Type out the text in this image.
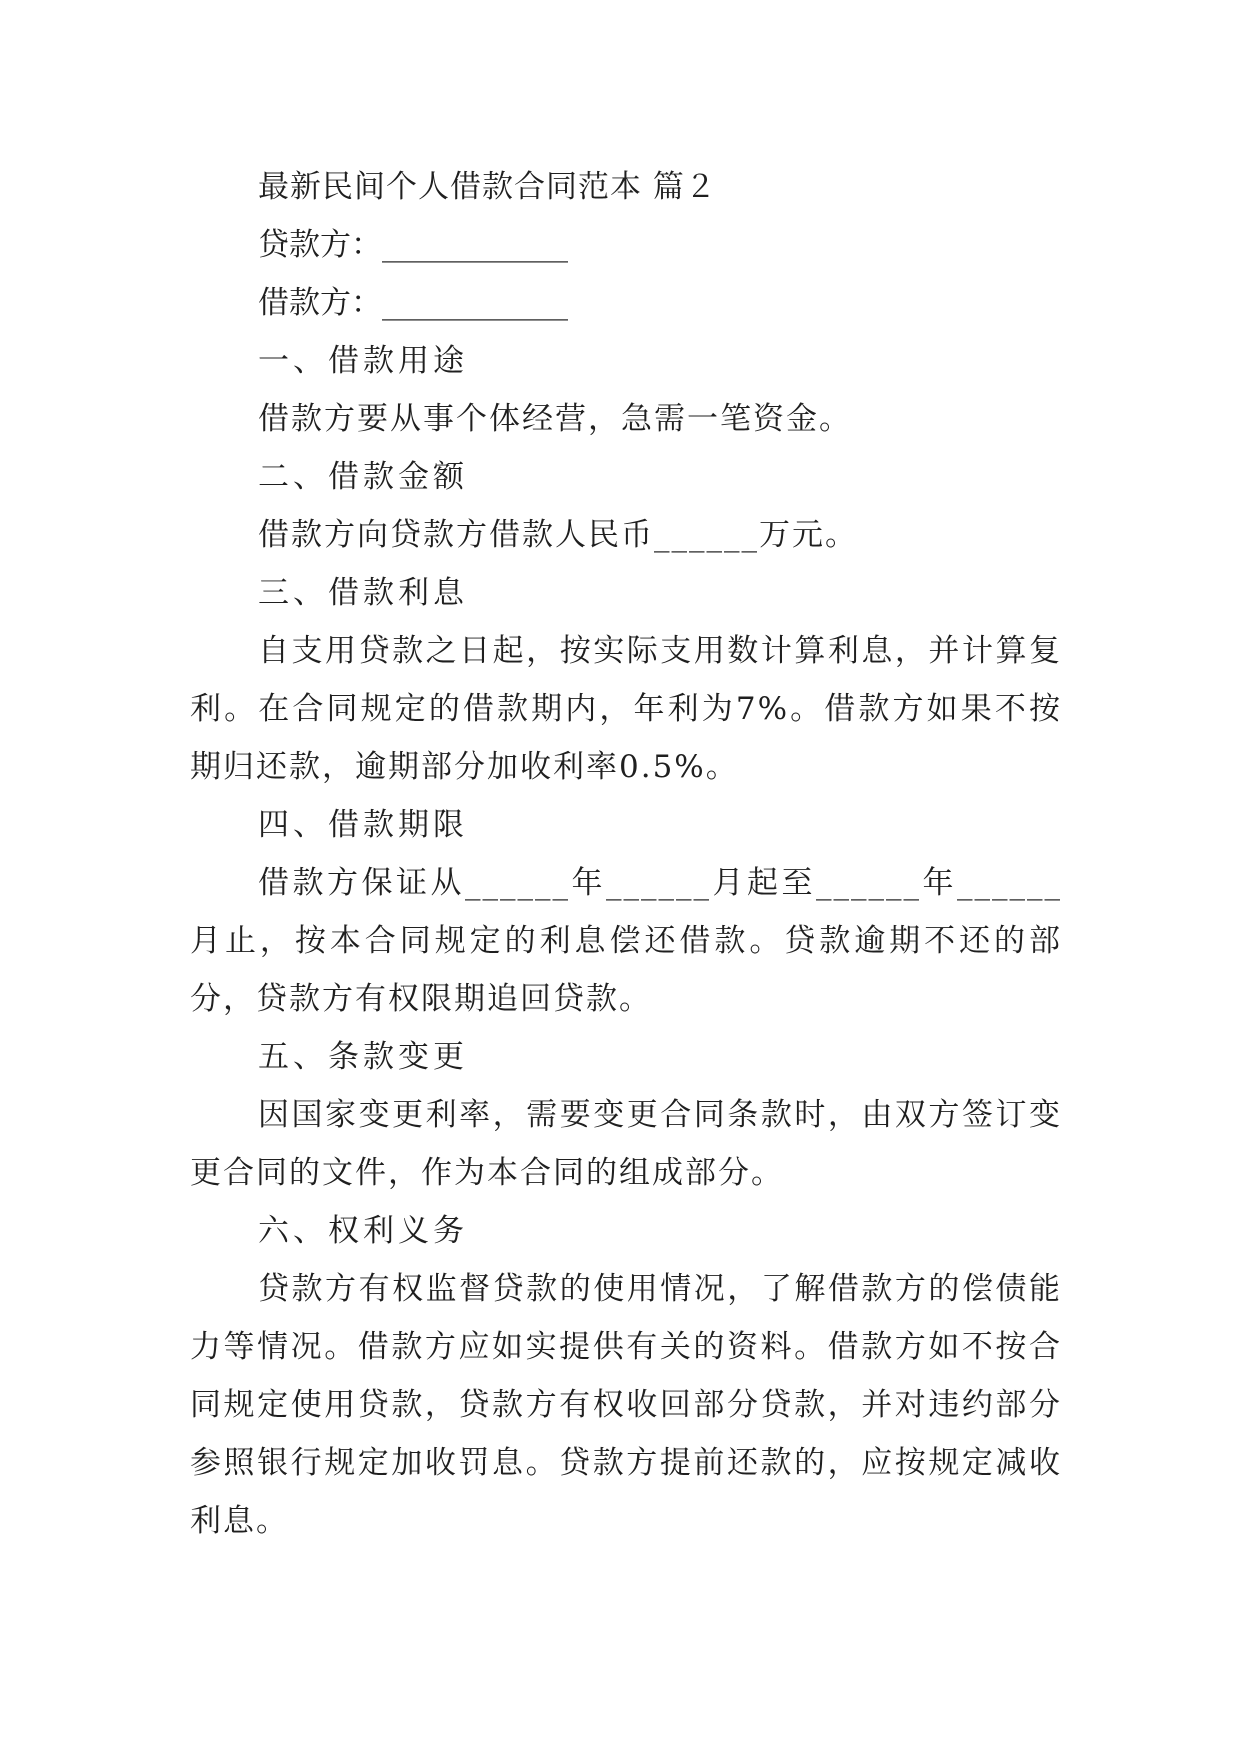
最新民间个人借款合同范本 篇２

贷款方：____________

借款方：____________

一、借款用途

借款方要从事个体经营，急需一笔资金。

二、借款金额

借款方向贷款方借款人民币______万元。

三、借款利息

自支用贷款之日起，按实际支用数计算利息，并计算复利。在合同规定的借款期内，年利为7%。借款方如果不按期归还款，逾期部分加收利率0.5%。

四、借款期限

借款方保证从______年______月起至______年______月止，按本合同规定的利息偿还借款。贷款逾期不还的部分，贷款方有权限期追回贷款。

五、条款变更

因国家变更利率，需要变更合同条款时，由双方签订变更合同的文件，作为本合同的组成部分。

六、权利义务

贷款方有权监督贷款的使用情况，了解借款方的偿债能力等情况。借款方应如实提供有关的资料。借款方如不按合同规定使用贷款，贷款方有权收回部分贷款，并对违约部分参照银行规定加收罚息。贷款方提前还款的，应按规定减收利息。
